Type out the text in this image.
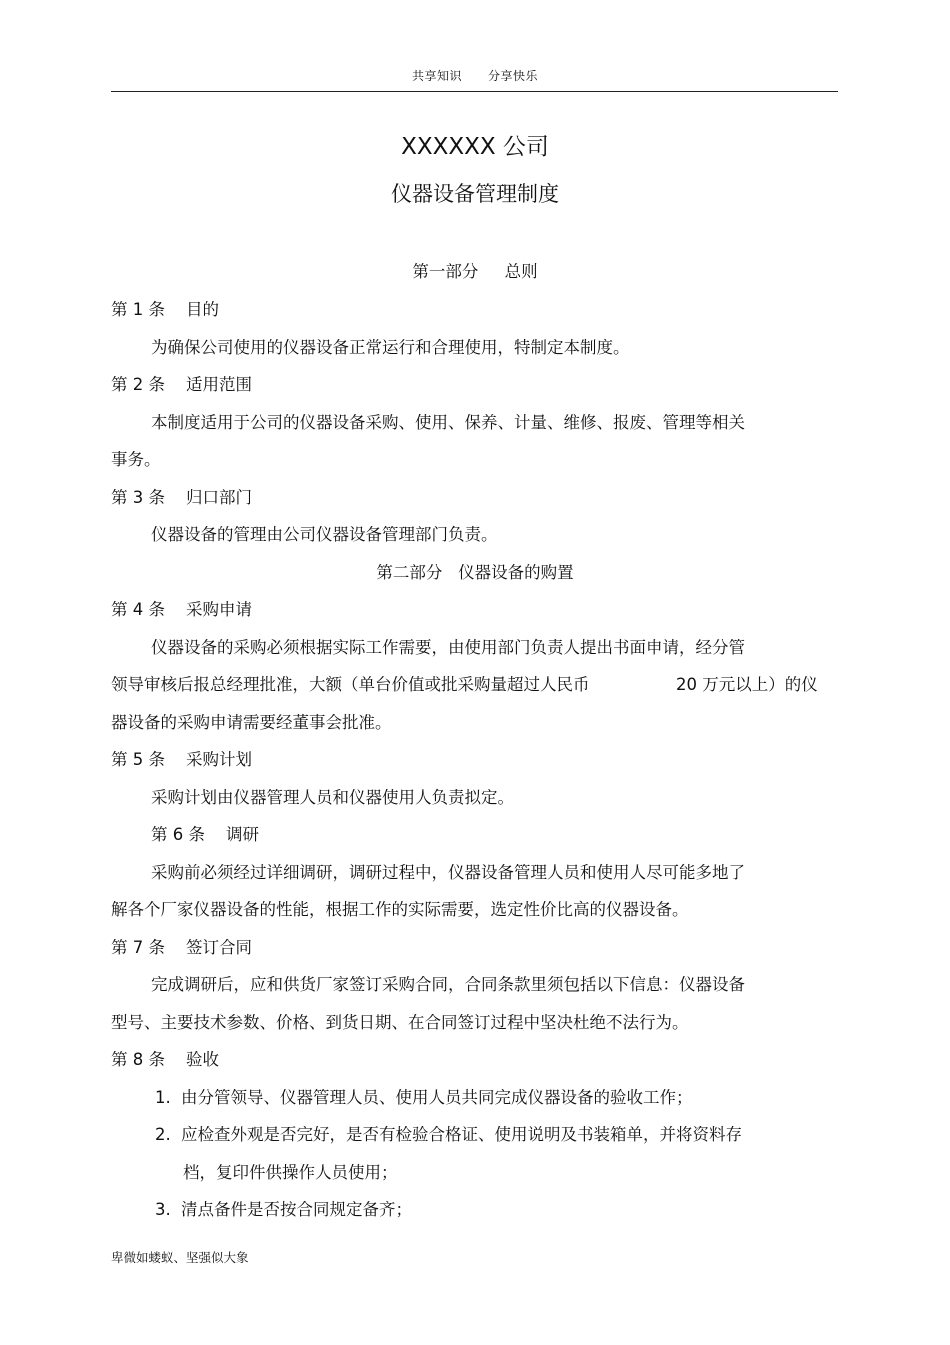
共享知识 分享快乐
XXXXXX 公司
仪器设备管理制度
第一部分     总则
第 1 条    目的
为确保公司使用的仪器设备正常运行和合理使用，特制定本制度。
第 2 条    适用范围
本制度适用于公司的仪器设备采购、使用、保养、计量、维修、报废、管理等相关
事务。
第 3 条    归口部门
仪器设备的管理由公司仪器设备管理部门负责。
第二部分   仪器设备的购置
第 4 条    采购申请
仪器设备的采购必须根据实际工作需要，由使用部门负责人提出书面申请，经分管
领导审核后报总经理批准，大额（单台价值或批采购量超过人民币	20 万元以上）的仪
器设备的采购申请需要经董事会批准。
第 5 条    采购计划
采购计划由仪器管理人员和仪器使用人负责拟定。
第 6 条    调研
采购前必须经过详细调研，调研过程中，仪器设备管理人员和使用人尽可能多地了
解各个厂家仪器设备的性能，根据工作的实际需要，选定性价比高的仪器设备。
第 7 条    签订合同
完成调研后，应和供货厂家签订采购合同，合同条款里须包括以下信息：仪器设备
型号、主要技术参数、价格、到货日期、在合同签订过程中坚决杜绝不法行为。
第 8 条    验收
1. 由分管领导、仪器管理人员、使用人员共同完成仪器设备的验收工作；
2. 应检查外观是否完好，是否有检验合格证、使用说明及书装箱单，并将资料存
档，复印件供操作人员使用；
3. 清点备件是否按合同规定备齐；
卑微如蝼蚁、坚强似大象
